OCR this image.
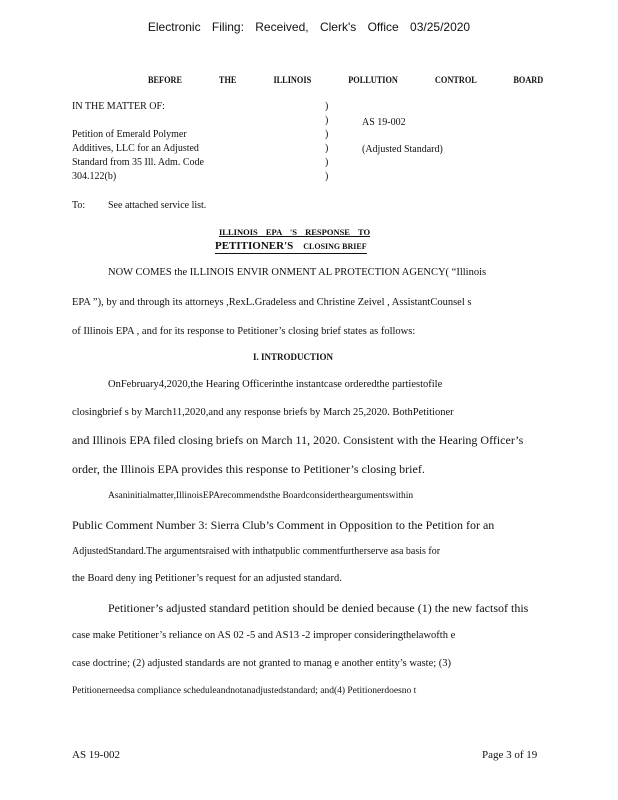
Electronic Filing: Received, Clerk's Office 03/25/2020
BEFORE THE ILLINOIS POLLUTION CONTROL BOARD
IN THE MATTER OF:
Petition of Emerald Polymer
Additives, LLC for an Adjusted
Standard from 35 Ill. Adm. Code
304.122(b)
)
)
)
)
)
)
AS 19-002
(Adjusted Standard)
To: See attached service list.
ILLINOIS EPA 'S RESPONSE TO
PETITIONER'S CLOSING BRIEF
NOW COMES the ILLINOIS ENVIR ONMENT AL PROTECTION AGENCY( “Illinois
EPA ”), by and through its attorneys ,RexL.Gradeless and Christine Zeivel , AssistantCounsel s
of Illinois EPA , and for its response to Petitioner’s closing brief states as follows:
I. INTRODUCTION
OnFebruary4,2020,the Hearing Officerinthe instantcase orderedthe partiestofile
closingbrief s by March11,2020,and any response briefs by March 25,2020. BothPetitioner
and Illinois EPA filed closing briefs on March 11, 2020. Consistent with the Hearing Officer’s
order, the Illinois EPA provides this response to Petitioner’s closing brief.
Asaninitialmatter,IllinoisEPArecommendsthe Boardconsidertheargumentswithin
Public Comment Number 3: Sierra Club’s Comment in Opposition to the Petition for an
AdjustedStandard.The argumentsraised with inthatpublic commentfurtherserve asa basis for
the Board deny ing Petitioner’s request for an adjusted standard.
Petitioner’s adjusted standard petition should be denied because (1) the new factsof this
case make Petitioner’s reliance on AS 02 -5 and AS13 -2 improper consideringthelawofth e
case doctrine; (2) adjusted standards are not granted to manag e another entity’s waste; (3)
Petitionerneedsa compliance scheduleandnotanadjustedstandard; and(4) Petitionerdoesno t
AS 19-002	Page 3 of 19
